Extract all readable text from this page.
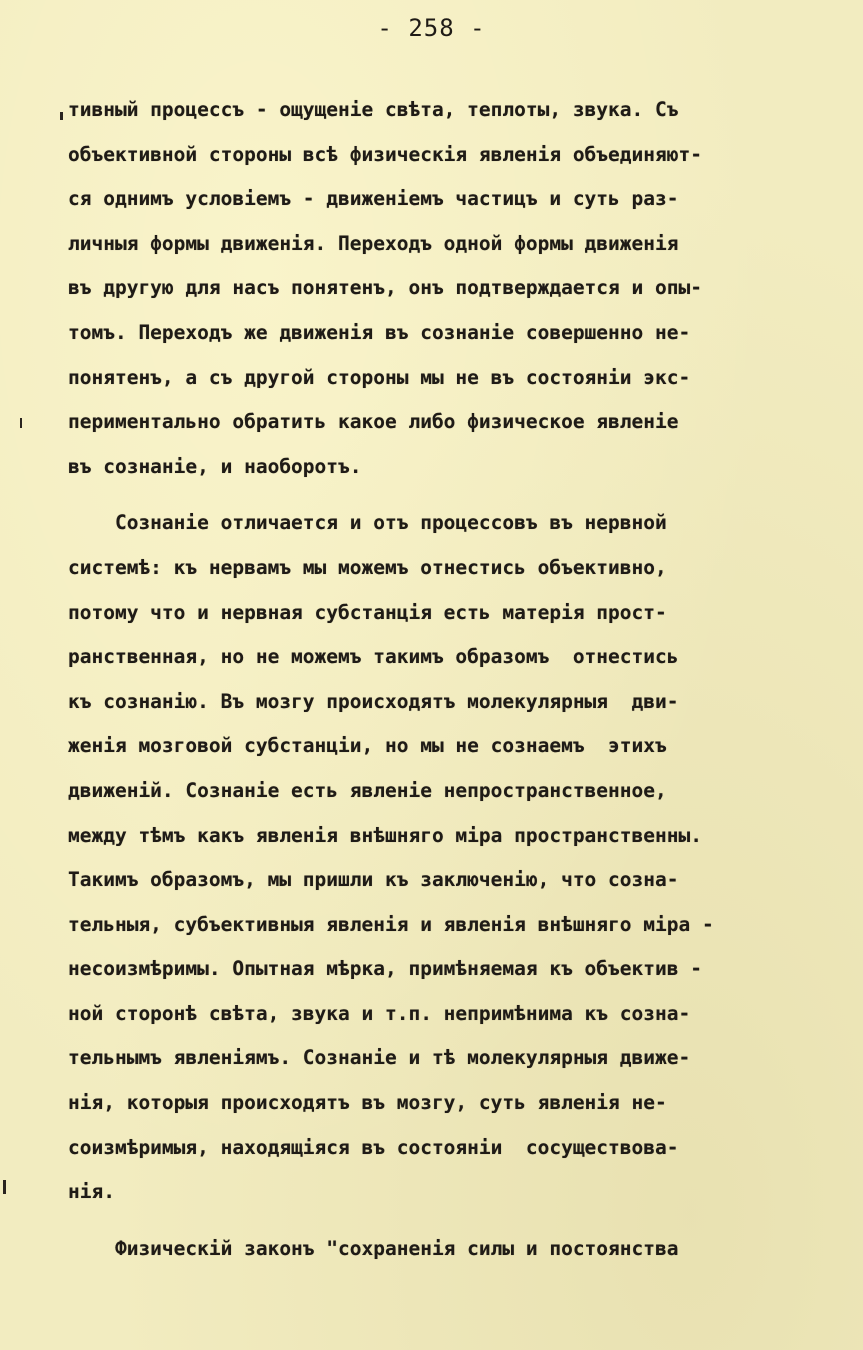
- 258 -
тивный процессъ - ощущеніе свѣта, теплоты, звука. Съ
объективной стороны всѣ физическія явленія объединяют-
ся однимъ условіемъ - движеніемъ частицъ и суть раз-
личныя формы движенія. Переходъ одной формы движенія
въ другую для насъ понятенъ, онъ подтверждается и опы-
томъ. Переходъ же движенія въ сознаніе совершенно не-
понятенъ, а съ другой стороны мы не въ состояніи экс-
периментально обратить какое либо физическое явленіе
въ сознаніе, и наоборотъ.
Сознаніе отличается и отъ процессовъ въ нервной
системѣ: къ нервамъ мы можемъ отнестись объективно,
потому что и нервная субстанція есть матерія прост-
ранственная, но не можемъ такимъ образомъ  отнестись
къ сознанію. Въ мозгу происходятъ молекулярныя  дви-
женія мозговой субстанціи, но мы не сознаемъ  этихъ
движеній. Сознаніе есть явленіе непространственное,
между тѣмъ какъ явленія внѣшняго міра пространственны.
Такимъ образомъ, мы пришли къ заключенію, что созна-
тельныя, субъективныя явленія и явленія внѣшняго міра -
несоизмѣримы. Опытная мѣрка, примѣняемая къ объектив -
ной сторонѣ свѣта, звука и т.п. непримѣнима къ созна-
тельнымъ явленіямъ. Сознаніе и тѣ молекулярныя движе-
нія, которыя происходятъ въ мозгу, суть явленія не-
соизмѣримыя, находящіяся въ состояніи  сосуществова-
нія.
Физическій законъ "сохраненія силы и постоянства
